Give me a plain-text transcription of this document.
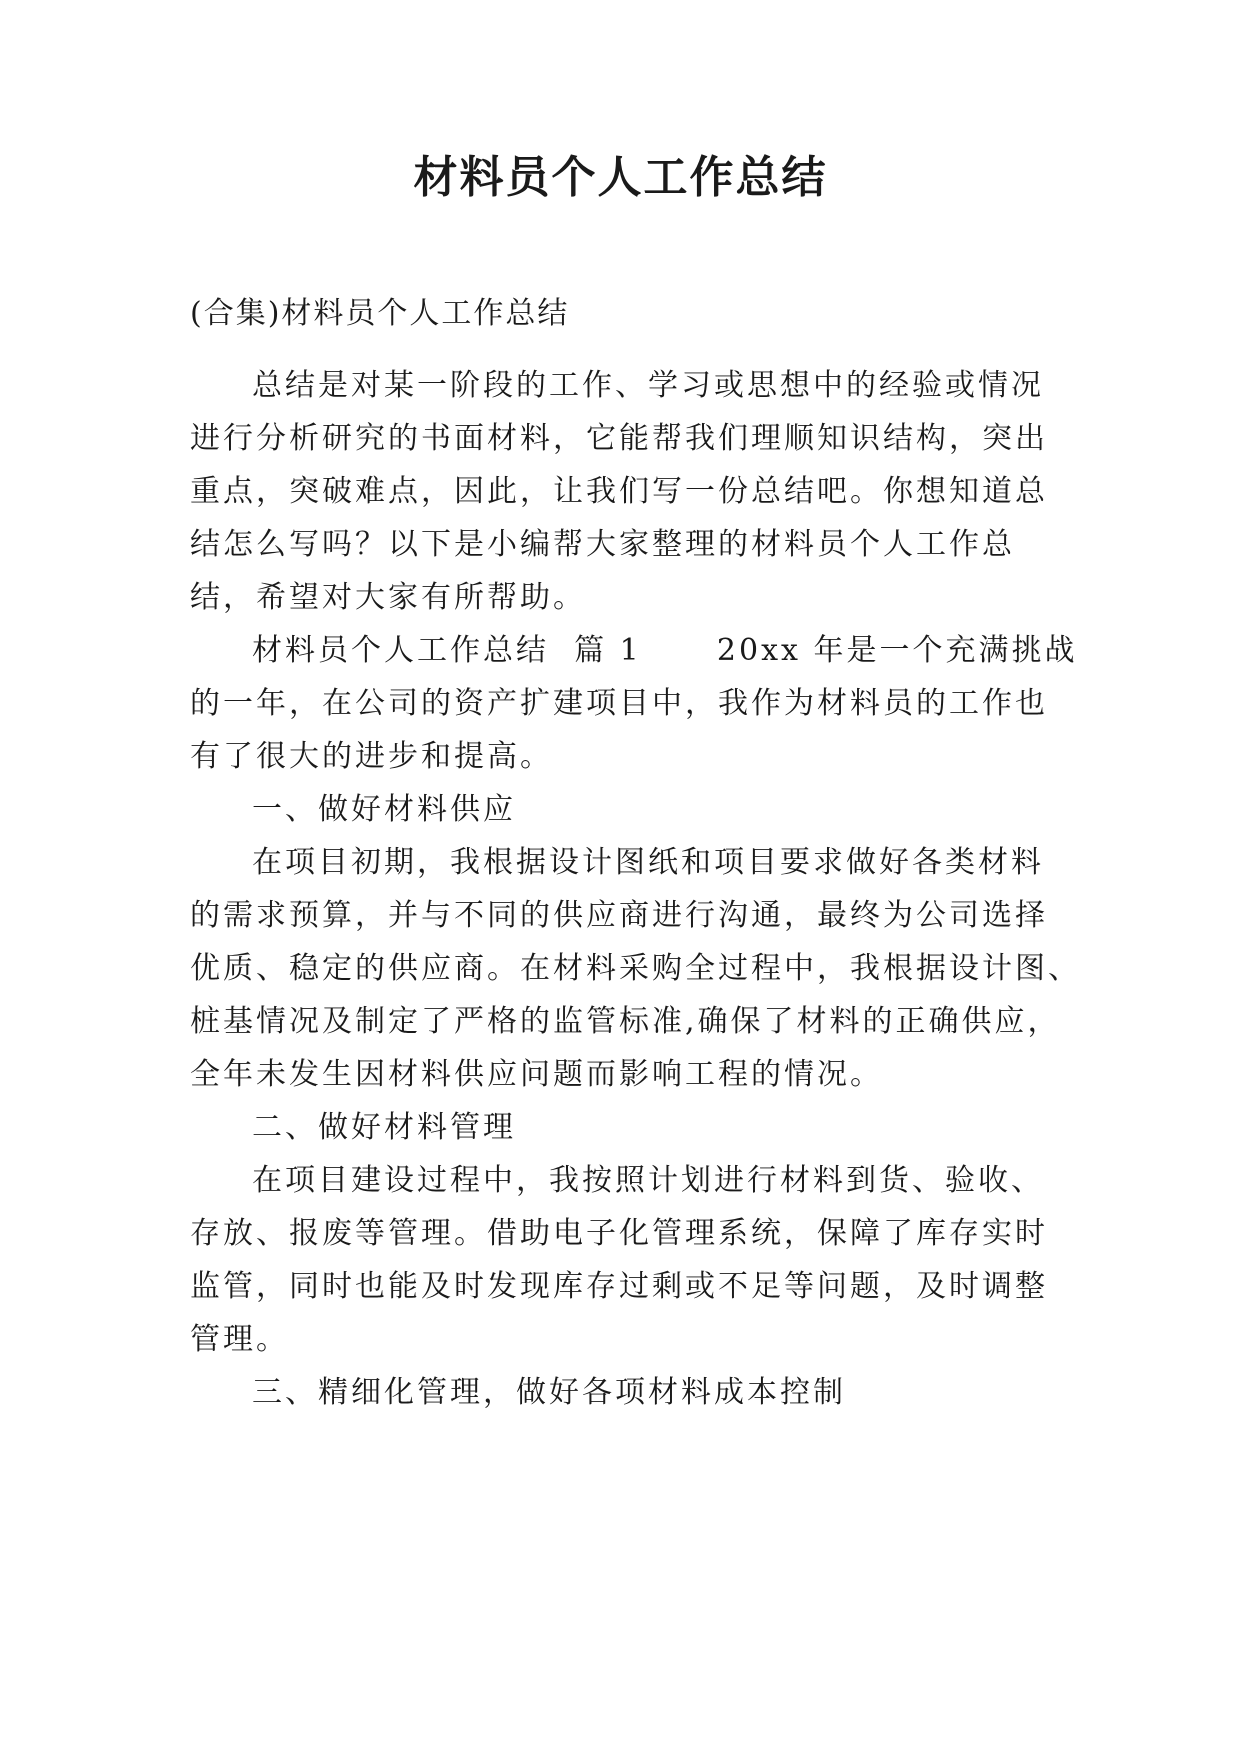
材料员个人工作总结
(合集)材料员个人工作总结
总结是对某一阶段的工作、学习或思想中的经验或情况
进行分析研究的书面材料，它能帮我们理顺知识结构，突出
重点，突破难点，因此，让我们写一份总结吧。你想知道总
结怎么写吗？以下是小编帮大家整理的材料员个人工作总
结，希望对大家有所帮助。
材料员个人工作总结  篇 1      20xx 年是一个充满挑战
的一年，在公司的资产扩建项目中，我作为材料员的工作也
有了很大的进步和提高。
一、做好材料供应
在项目初期，我根据设计图纸和项目要求做好各类材料
的需求预算，并与不同的供应商进行沟通，最终为公司选择
优质、稳定的供应商。在材料采购全过程中，我根据设计图、
桩基情况及制定了严格的监管标准,确保了材料的正确供应，
全年未发生因材料供应问题而影响工程的情况。
二、做好材料管理
在项目建设过程中，我按照计划进行材料到货、验收、
存放、报废等管理。借助电子化管理系统，保障了库存实时
监管，同时也能及时发现库存过剩或不足等问题，及时调整
管理。
三、精细化管理，做好各项材料成本控制
